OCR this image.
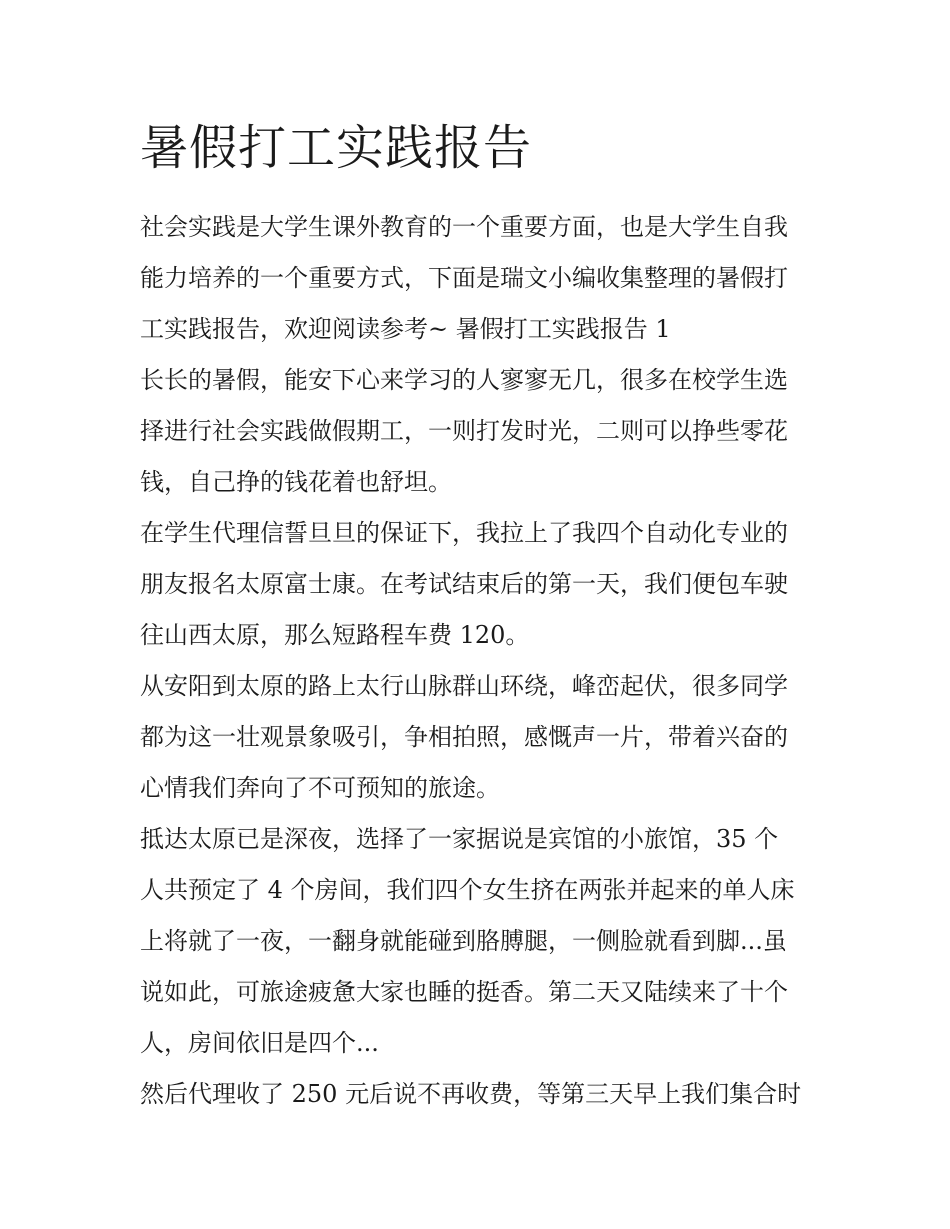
暑假打工实践报告

社会实践是大学生课外教育的一个重要方面，也是大学生自我

能力培养的一个重要方式，下面是瑞文小编收集整理的暑假打

工实践报告，欢迎阅读参考~ 暑假打工实践报告 1

长长的暑假，能安下心来学习的人寥寥无几，很多在校学生选

择进行社会实践做假期工，一则打发时光，二则可以挣些零花

钱，自己挣的钱花着也舒坦。

在学生代理信誓旦旦的保证下，我拉上了我四个自动化专业的

朋友报名太原富士康。在考试结束后的第一天，我们便包车驶

往山西太原，那么短路程车费 120。

从安阳到太原的路上太行山脉群山环绕，峰峦起伏，很多同学

都为这一壮观景象吸引，争相拍照，感慨声一片，带着兴奋的

心情我们奔向了不可预知的旅途。

抵达太原已是深夜，选择了一家据说是宾馆的小旅馆，35 个

人共预定了 4 个房间，我们四个女生挤在两张并起来的单人床

上将就了一夜，一翻身就能碰到胳膊腿，一侧脸就看到脚...虽

说如此，可旅途疲惫大家也睡的挺香。第二天又陆续来了十个

人，房间依旧是四个...

然后代理收了 250 元后说不再收费，等第三天早上我们集合时
